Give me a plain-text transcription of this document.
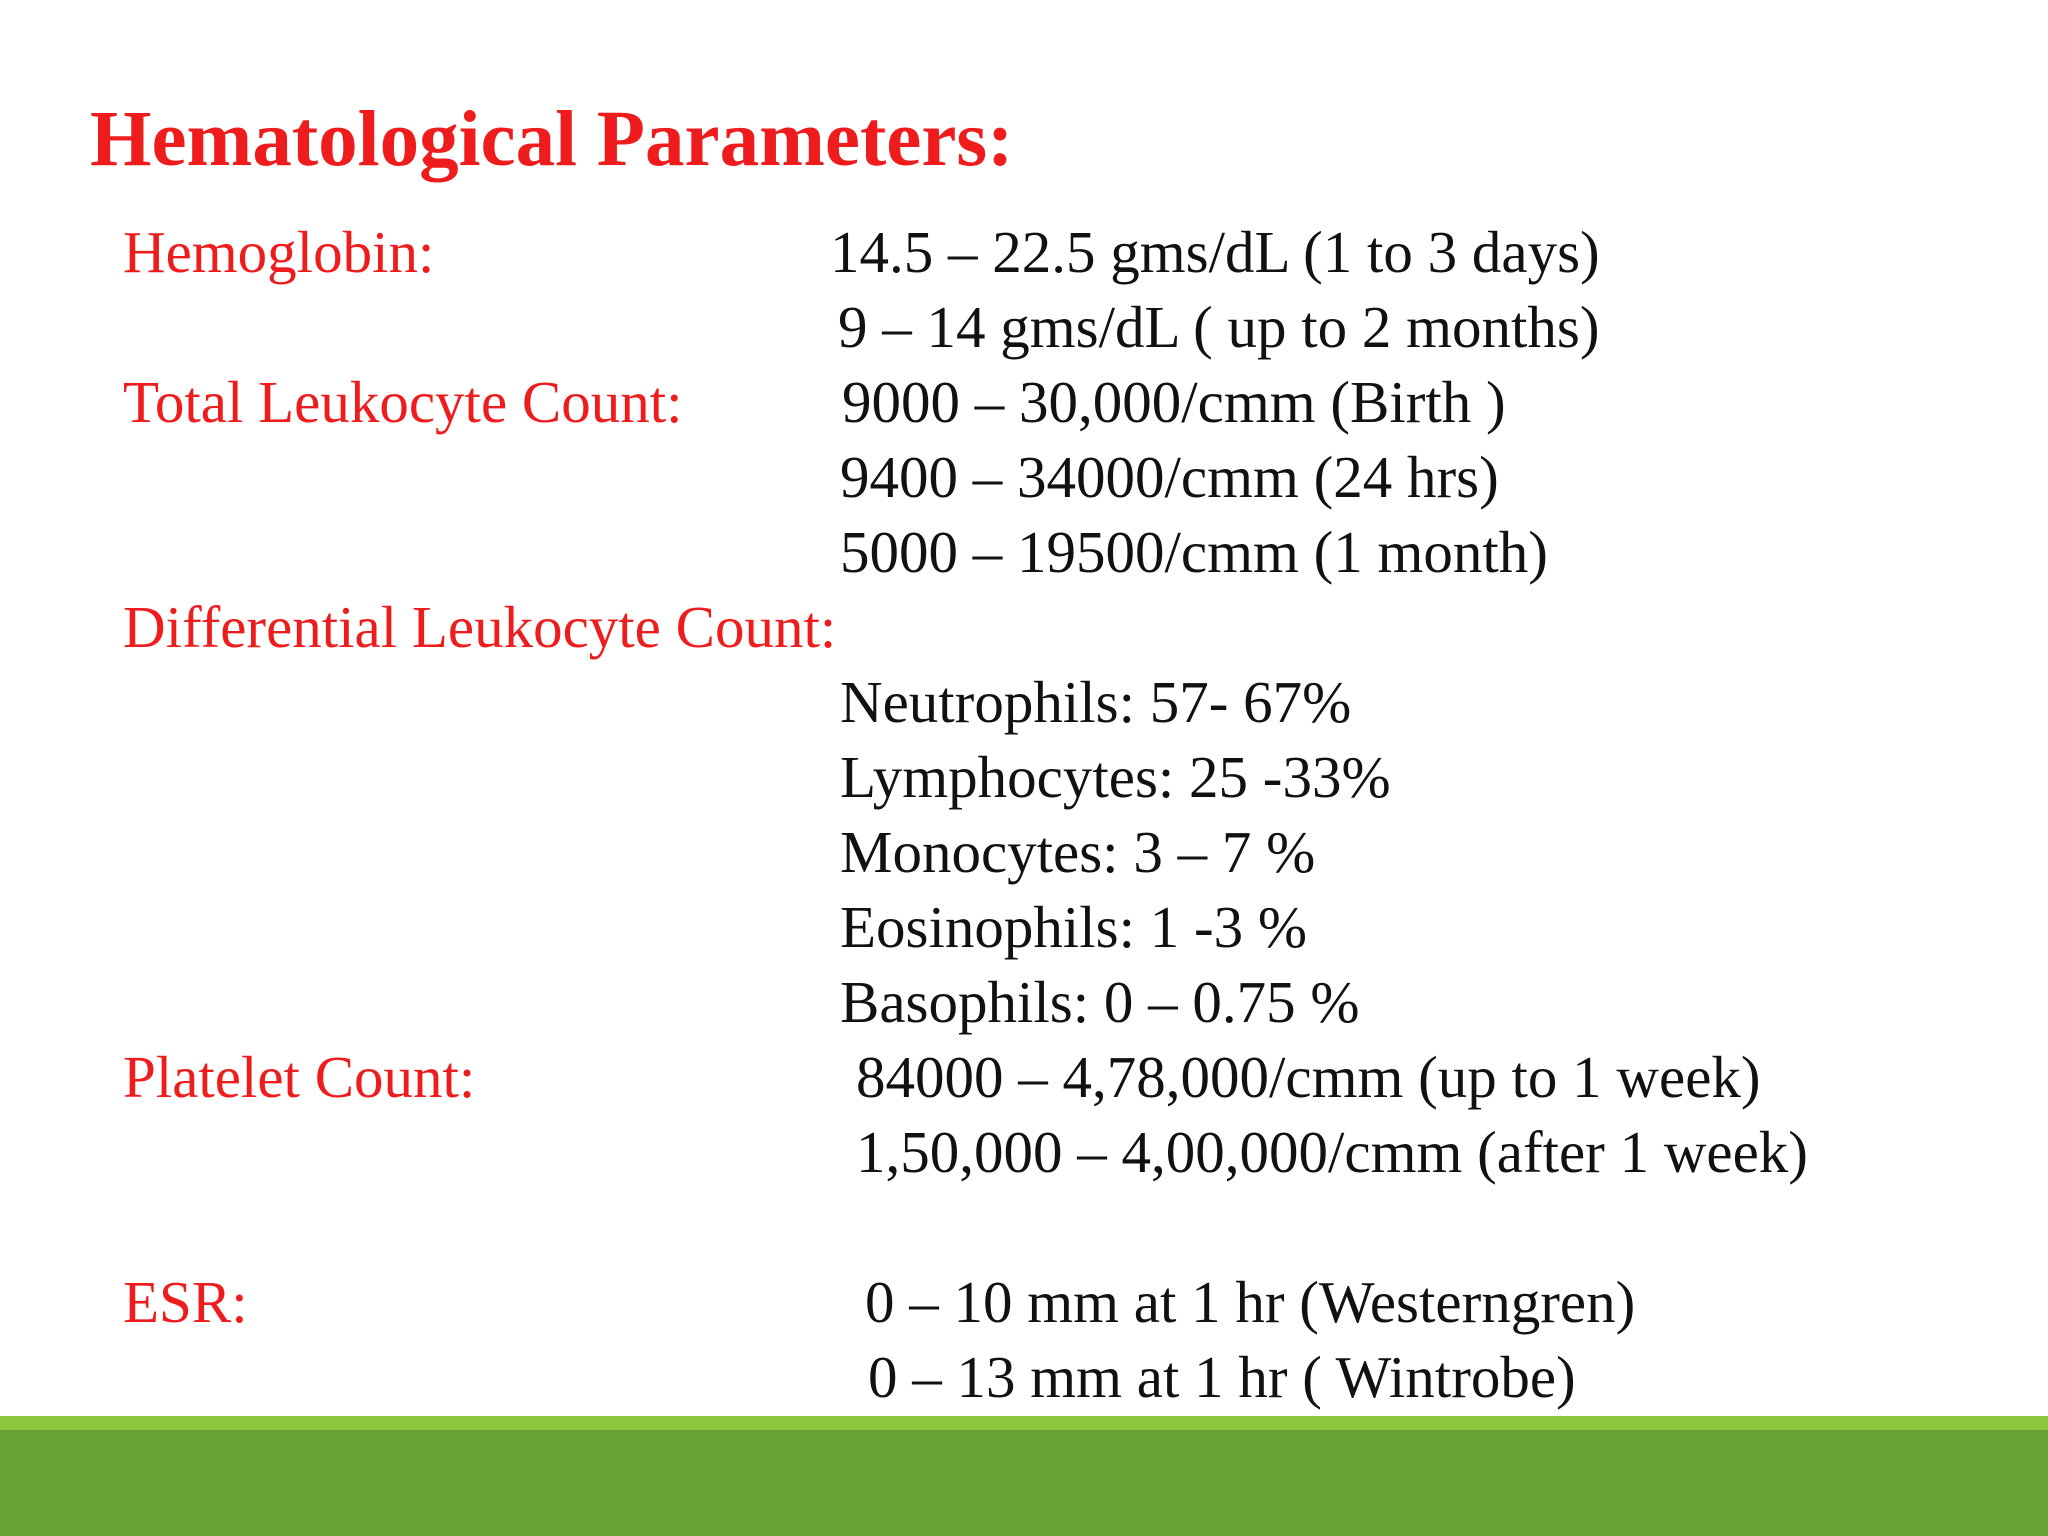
Hematological Parameters:
Hemoglobin:	14.5 – 22.5 gms/dL (1 to 3 days)
9 – 14 gms/dL ( up to 2 months)
Total Leukocyte Count:	9000 – 30,000/cmm (Birth )
9400 – 34000/cmm (24 hrs)
5000 – 19500/cmm (1 month)
Differential Leukocyte Count:
Neutrophils: 57- 67%
Lymphocytes: 25 -33%
Monocytes: 3 – 7 %
Eosinophils: 1 -3 %
Basophils: 0 – 0.75 %
Platelet Count:	84000 – 4,78,000/cmm (up to 1 week)
1,50,000 – 4,00,000/cmm (after 1 week)
ESR:	0 – 10 mm at 1 hr (Westerngren)
0 – 13 mm at 1 hr ( Wintrobe)
